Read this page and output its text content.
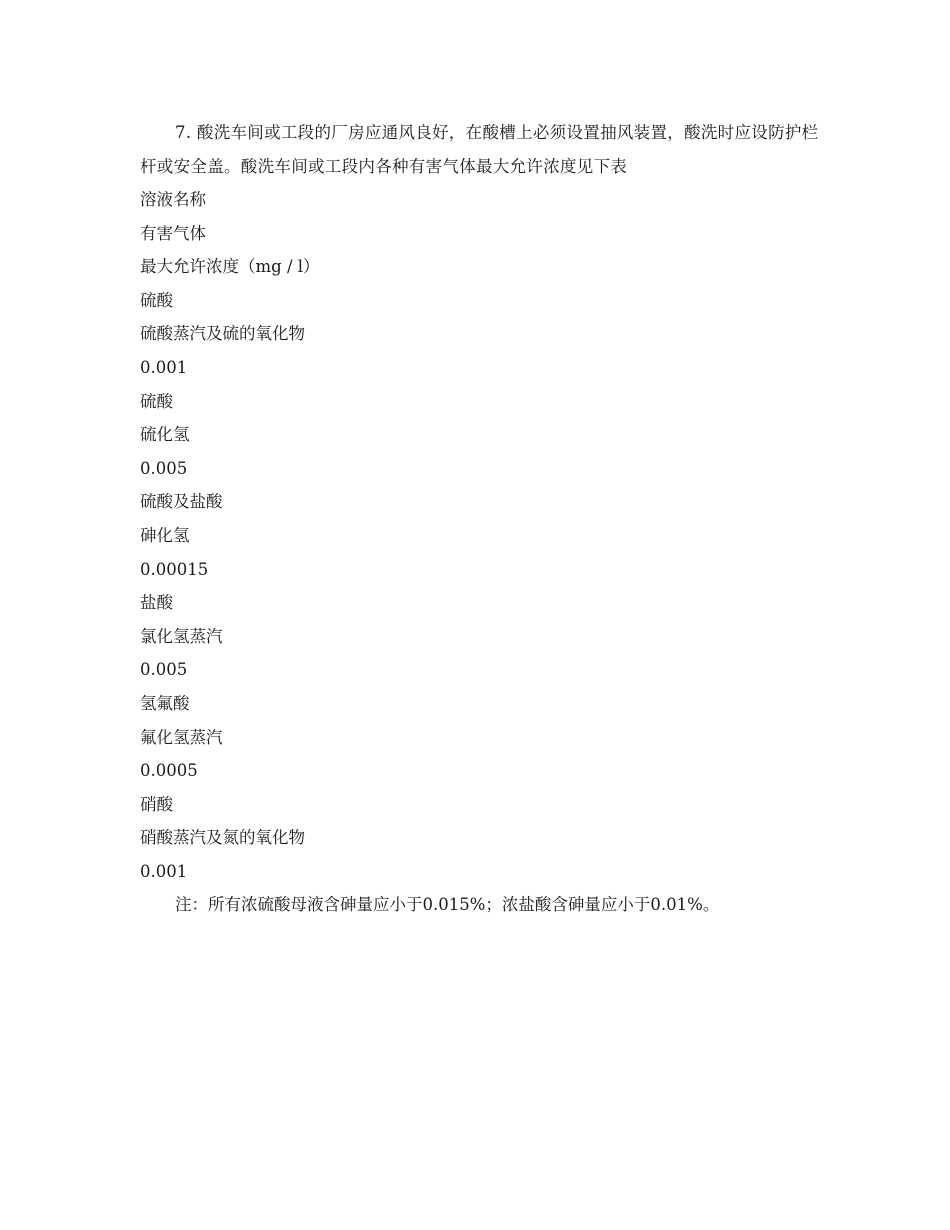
7. 酸洗车间或工段的厂房应通风良好，在酸槽上必须设置抽风装置，酸洗时应设防护栏杆或安全盖。酸洗车间或工段内各种有害气体最大允许浓度见下表

溶液名称

有害气体

最大允许浓度（mg / l）

硫酸

硫酸蒸汽及硫的氧化物

0.001

硫酸

硫化氢

0.005

硫酸及盐酸

砷化氢

0.00015

盐酸

氯化氢蒸汽

0.005

氢氟酸

氟化氢蒸汽

0.0005

硝酸

硝酸蒸汽及氮的氧化物

0.001

注：所有浓硫酸母液含砷量应小于0.015%；浓盐酸含砷量应小于0.01%。
